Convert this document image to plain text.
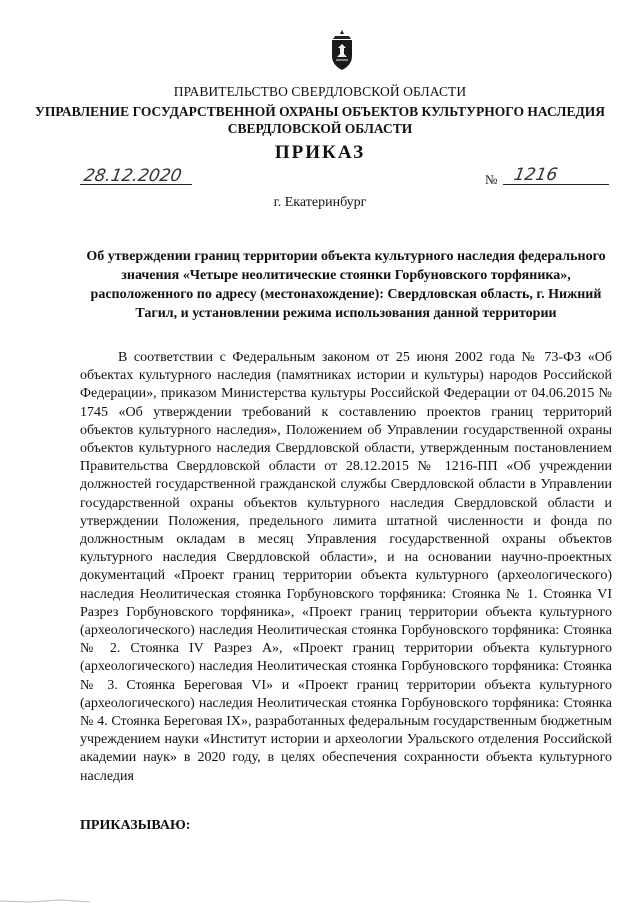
ПРАВИТЕЛЬСТВО СВЕРДЛОВСКОЙ ОБЛАСТИ
УПРАВЛЕНИЕ ГОСУДАРСТВЕННОЙ ОХРАНЫ ОБЪЕКТОВ КУЛЬТУРНОГО НАСЛЕДИЯ
СВЕРДЛОВСКОЙ ОБЛАСТИ
ПРИКАЗ
28.12.2020	№ 1216
г. Екатеринбург
Об утверждении границ территории объекта культурного наследия федерального значения «Четыре неолитические стоянки Горбуновского торфяника», расположенного по адресу (местонахождение): Свердловская область, г. Нижний Тагил, и установлении режима использования данной территории

В соответствии с Федеральным законом от 25 июня 2002 года № 73-ФЗ «Об объектах культурного наследия (памятниках истории и культуры) народов Российской Федерации», приказом Министерства культуры Российской Федерации от 04.06.2015 № 1745 «Об утверждении требований к составлению проектов границ территорий объектов культурного наследия», Положением об Управлении государственной охраны объектов культурного наследия Свердловской области, утвержденным постановлением Правительства Свердловской области от 28.12.2015 № 1216-ПП «Об учреждении должностей государственной гражданской службы Свердловской области в Управлении государственной охраны объектов культурного наследия Свердловской области и утверждении Положения, предельного лимита штатной численности и фонда по должностным окладам в месяц Управления государственной охраны объектов культурного наследия Свердловской области», и на основании научно-проектных документаций «Проект границ территории объекта культурного (археологического) наследия Неолитическая стоянка Горбуновского торфяника: Стоянка № 1. Стоянка VI Разрез Горбуновского торфяника», «Проект границ территории объекта культурного (археологического) наследия Неолитическая стоянка Горбуновского торфяника: Стоянка № 2. Стоянка IV Разрез А», «Проект границ территории объекта культурного (археологического) наследия Неолитическая стоянка Горбуновского торфяника: Стоянка № 3. Стоянка Береговая VI» и «Проект границ территории объекта культурного (археологического) наследия Неолитическая стоянка Горбуновского торфяника: Стоянка № 4. Стоянка Береговая IX», разработанных федеральным государственным бюджетным учреждением науки «Институт истории и археологии Уральского отделения Российской академии наук» в 2020 году, в целях обеспечения сохранности объекта культурного наследия

ПРИКАЗЫВАЮ:
